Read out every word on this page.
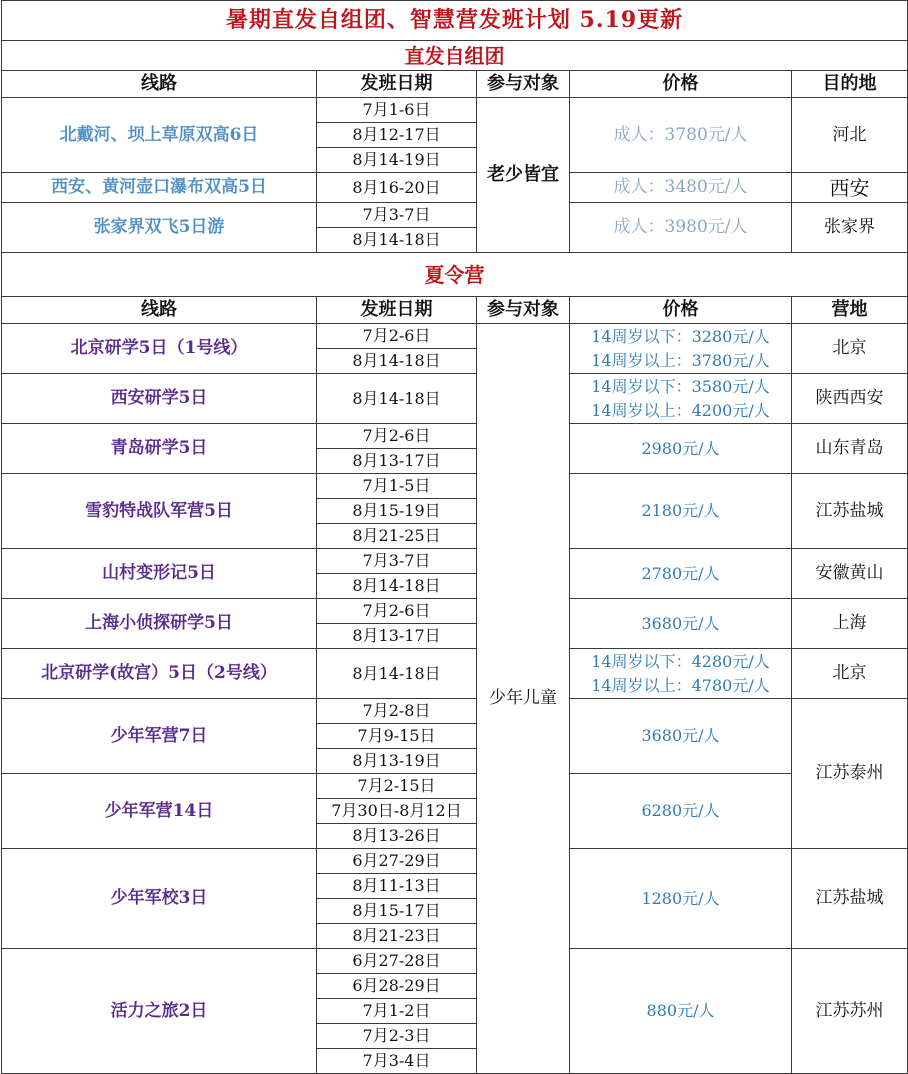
暑期直发自组团、智慧营发班计划 5.19更新				
直发自组团				
线路	发班日期	参与对象	价格	目的地
北戴河、坝上草原双高6日	7月1-6日	老少皆宜	成人：3780元/人	河北
	8月12-17日			
	8月14-19日			
西安、黄河壶口瀑布双高5日	8月16-20日		成人：3480元/人	西安
张家界双飞5日游	7月3-7日		成人：3980元/人	张家界
	8月14-18日			
夏令营				
线路	发班日期	参与对象	价格	营地
北京研学5日（1号线）	7月2-6日	少年儿童	14周岁以下：3280元/人
14周岁以上：3780元/人	北京
	8月14-18日			
西安研学5日	8月14-18日		14周岁以下：3580元/人
14周岁以上：4200元/人	陕西西安
青岛研学5日	7月2-6日		2980元/人	山东青岛
	8月13-17日			
雪豹特战队军营5日	7月1-5日		2180元/人	江苏盐城
	8月15-19日			
	8月21-25日			
山村变形记5日	7月3-7日		2780元/人	安徽黄山
	8月14-18日			
上海小侦探研学5日	7月2-6日		3680元/人	上海
	8月13-17日			
北京研学(故宫）5日（2号线）	8月14-18日		14周岁以下：4280元/人
14周岁以上：4780元/人	北京
少年军营7日	7月2-8日		3680元/人	江苏泰州
	7月9-15日			
	8月13-19日			
少年军营14日	7月2-15日		6280元/人	
	7月30日-8月12日			
	8月13-26日			
少年军校3日	6月27-29日		1280元/人	江苏盐城
	8月11-13日			
	8月15-17日			
	8月21-23日			
活力之旅2日	6月27-28日		880元/人	江苏苏州
	6月28-29日			
	7月1-2日			
	7月2-3日			
	7月3-4日			
